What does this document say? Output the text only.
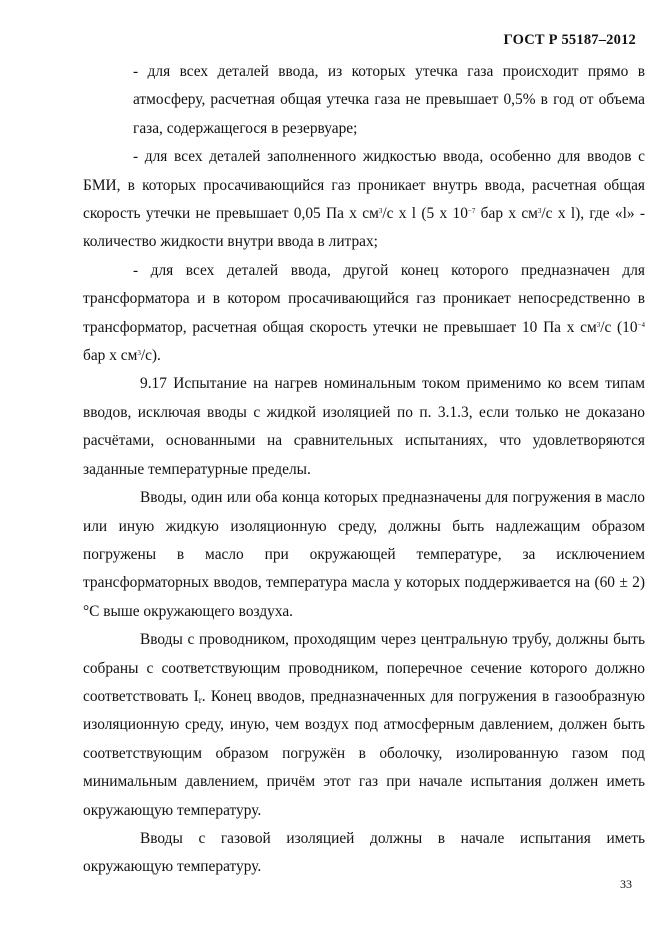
ГОСТ Р 55187–2012

- для всех деталей ввода, из которых утечка газа происходит прямо в атмосферу, расчетная общая утечка газа не превышает 0,5% в год от объема газа, содержащегося в резервуаре;

- для всех деталей заполненного жидкостью ввода, особенно для вводов с БМИ, в которых просачивающийся газ проникает внутрь ввода, расчетная общая скорость утечки не превышает 0,05 Па х $см^3/с$ х l (5 х $10^{-7}$ бар х $см^3/с$ х l), где «l» - количество жидкости внутри ввода в литрах;

- для всех деталей ввода, другой конец которого предназначен для трансформатора и в котором просачивающийся газ проникает непосредственно в трансформатор, расчетная общая скорость утечки не превышает 10 Па х $см^3/с$ ($10^{-4}$ бар х $см^3/с$).

9.17 Испытание на нагрев номинальным током применимо ко всем типам вводов, исключая вводы с жидкой изоляцией по п. 3.1.3, если только не доказано расчётами, основанными на сравнительных испытаниях, что удовлетворяются заданные температурные пределы.

Вводы, один или оба конца которых предназначены для погружения в масло или иную жидкую изоляционную среду, должны быть надлежащим образом погружены в масло при окружающей температуре, за исключением трансформаторных вводов, температура масла у которых поддерживается на (60 ± 2)°С выше окружающего воздуха.

Вводы с проводником, проходящим через центральную трубу, должны быть собраны с соответствующим проводником, поперечное сечение которого должно соответствовать $I_r$. Конец вводов, предназначенных для погружения в газообразную изоляционную среду, иную, чем воздух под атмосферным давлением, должен быть соответствующим образом погружён в оболочку, изолированную газом под минимальным давлением, причём этот газ при начале испытания должен иметь окружающую температуру.

Вводы с газовой изоляцией должны в начале испытания иметь окружающую температуру.

33
